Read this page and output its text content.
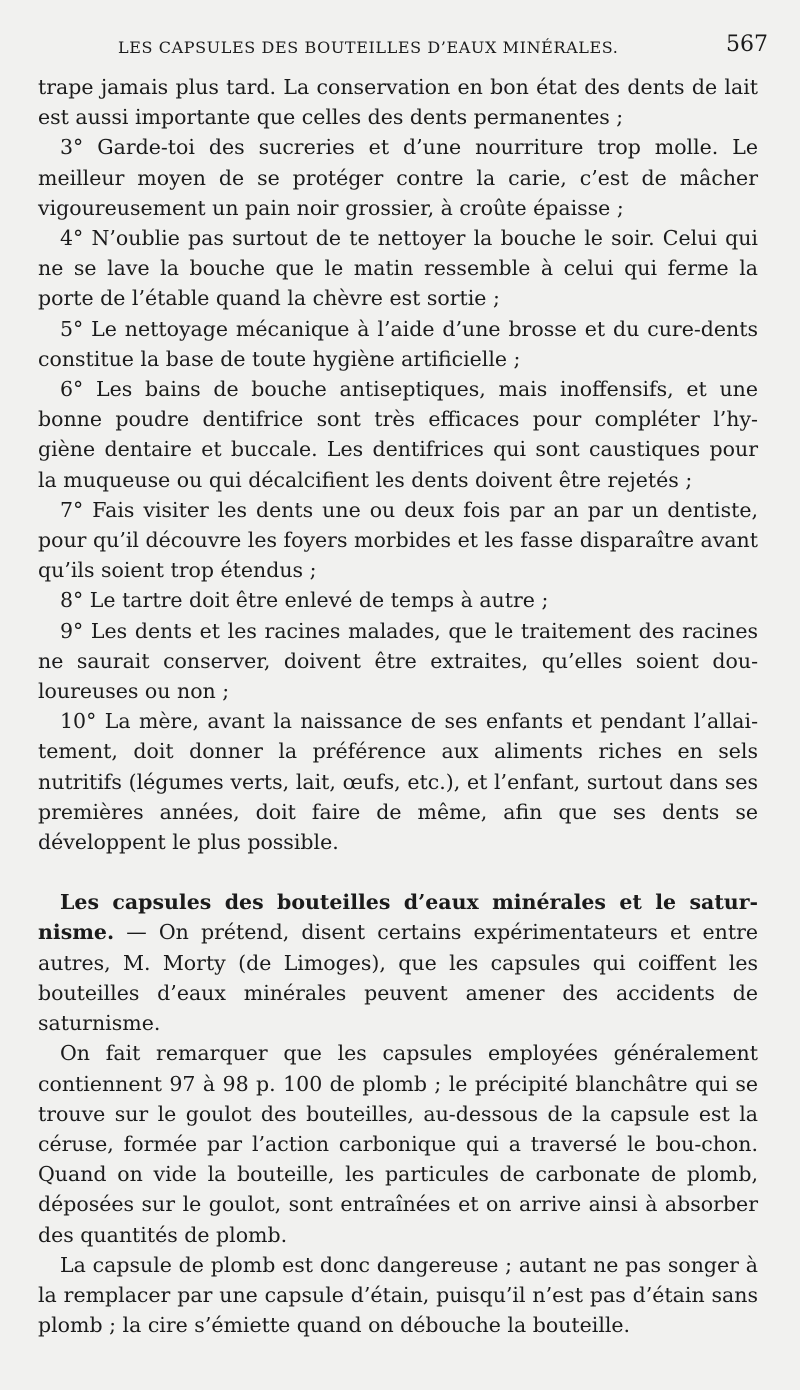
LES CAPSULES DES BOUTEILLES D’EAUX MINÉRALES.	567

trape jamais plus tard. La conservation en bon état des dents de lait est aussi importante que celles des dents permanentes ;

3° Garde-toi des sucreries et d’une nourriture trop molle. Le meilleur moyen de se protéger contre la carie, c’est de mâcher vigoureusement un pain noir grossier, à croûte épaisse ;

4° N’oublie pas surtout de te nettoyer la bouche le soir. Celui qui ne se lave la bouche que le matin ressemble à celui qui ferme la porte de l’étable quand la chèvre est sortie ;

5° Le nettoyage mécanique à l’aide d’une brosse et du cure-dents constitue la base de toute hygiène artificielle ;

6° Les bains de bouche antiseptiques, mais inoffensifs, et une bonne poudre dentifrice sont très efficaces pour compléter l’hy-giène dentaire et buccale. Les dentifrices qui sont caustiques pour la muqueuse ou qui décalcifient les dents doivent être rejetés ;

7° Fais visiter les dents une ou deux fois par an par un dentiste, pour qu’il découvre les foyers morbides et les fasse disparaître avant qu’ils soient trop étendus ;

8° Le tartre doit être enlevé de temps à autre ;

9° Les dents et les racines malades, que le traitement des racines ne saurait conserver, doivent être extraites, qu’elles soient dou-loureuses ou non ;

10° La mère, avant la naissance de ses enfants et pendant l’allai-tement, doit donner la préférence aux aliments riches en sels nutritifs (légumes verts, lait, œufs, etc.), et l’enfant, surtout dans ses premières années, doit faire de même, afin que ses dents se développent le plus possible.

Les capsules des bouteilles d’eaux minérales et le satur-nisme. — On prétend, disent certains expérimentateurs et entre autres, M. Morty (de Limoges), que les capsules qui coiffent les bouteilles d’eaux minérales peuvent amener des accidents de saturnisme.

On fait remarquer que les capsules employées généralement contiennent 97 à 98 p. 100 de plomb ; le précipité blanchâtre qui se trouve sur le goulot des bouteilles, au-dessous de la capsule est la céruse, formée par l’action carbonique qui a traversé le bou-chon. Quand on vide la bouteille, les particules de carbonate de plomb, déposées sur le goulot, sont entraînées et on arrive ainsi à absorber des quantités de plomb.

La capsule de plomb est donc dangereuse ; autant ne pas songer à la remplacer par une capsule d’étain, puisqu’il n’est pas d’étain sans plomb ; la cire s’émiette quand on débouche la bouteille.
